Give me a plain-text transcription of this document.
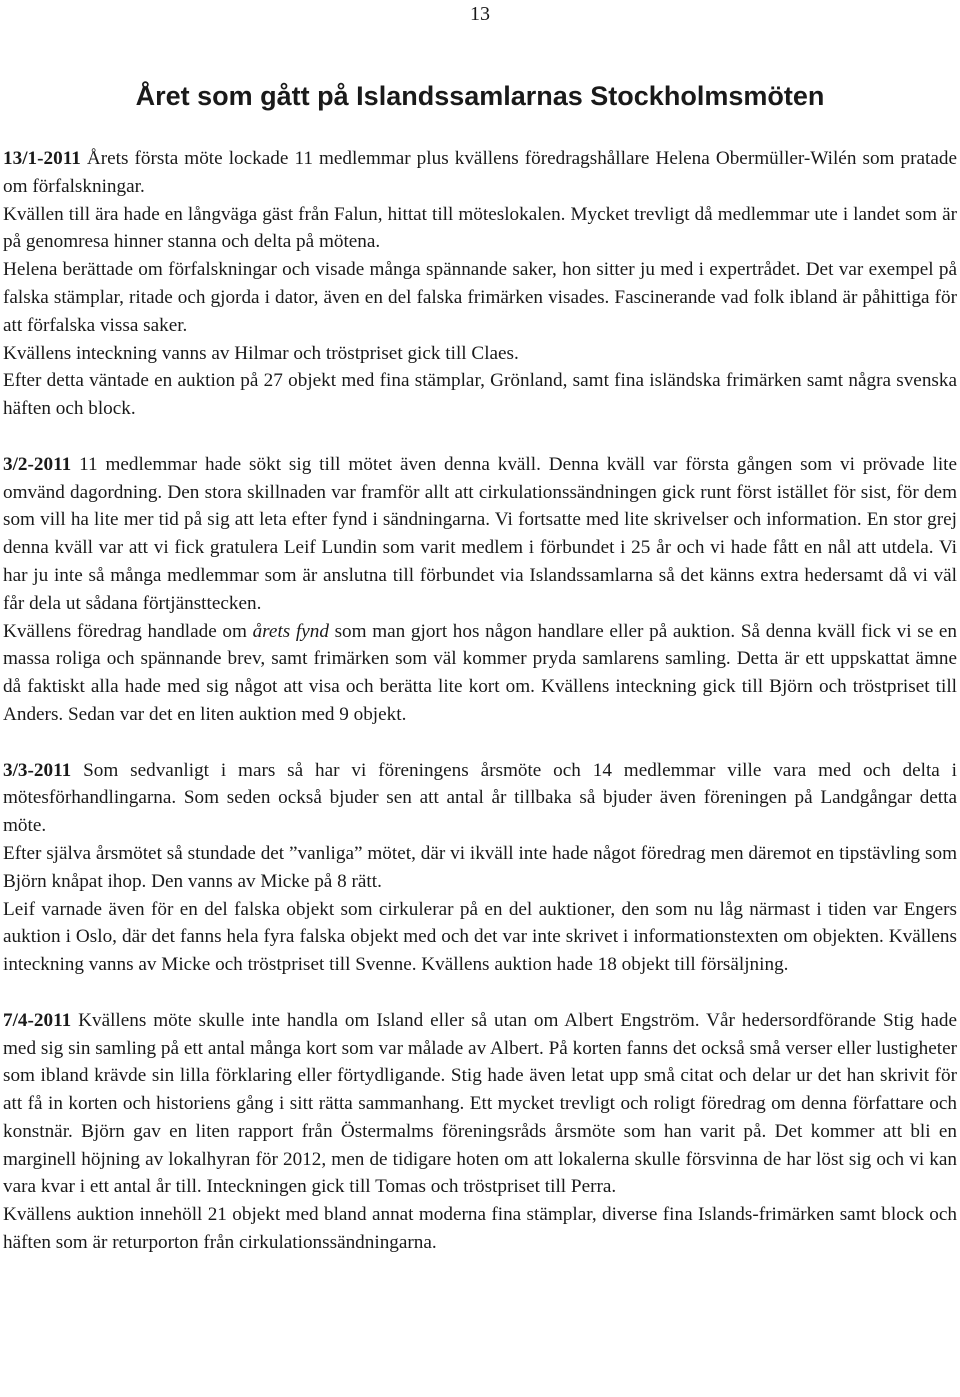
13
Året som gått på Islandssamlarnas Stockholmsmöten

13/1-2011 Årets första möte lockade 11 medlemmar plus kvällens föredragshållare Helena Obermüller-Wilén som pratade om förfalskningar.

Kvällen till ära hade en långväga gäst från Falun, hittat till möteslokalen. Mycket trevligt då medlemmar ute i landet som är på genomresa hinner stanna och delta på mötena.

Helena berättade om förfalskningar och visade många spännande saker, hon sitter ju med i expertrådet. Det var exempel på falska stämplar, ritade och gjorda i dator, även en del falska frimärken visades. Fascinerande vad folk ibland är påhittiga för att förfalska vissa saker.

Kvällens inteckning vanns av Hilmar och tröstpriset gick till Claes.

Efter detta väntade en auktion på 27 objekt med fina stämplar, Grönland, samt fina isländska frimärken samt några svenska häften och block.

3/2-2011 11 medlemmar hade sökt sig till mötet även denna kväll. Denna kväll var första gången som vi prövade lite omvänd dagordning. Den stora skillnaden var framför allt att cirkulationssändningen gick runt först istället för sist, för dem som vill ha lite mer tid på sig att leta efter fynd i sändningarna. Vi fortsatte med lite skrivelser och information. En stor grej denna kväll var att vi fick gratulera Leif Lundin som varit medlem i förbundet i 25 år och vi hade fått en nål att utdela. Vi har ju inte så många medlemmar som är anslutna till förbundet via Islandssamlarna så det känns extra hedersamt då vi väl får dela ut sådana förtjänsttecken.

Kvällens föredrag handlade om årets fynd som man gjort hos någon handlare eller på auktion. Så denna kväll fick vi se en massa roliga och spännande brev, samt frimärken som väl kommer pryda samlarens samling. Detta är ett uppskattat ämne då faktiskt alla hade med sig något att visa och berätta lite kort om. Kvällens inteckning gick till Björn och tröstpriset till Anders. Sedan var det en liten auktion med 9 objekt.

3/3-2011 Som sedvanligt i mars så har vi föreningens årsmöte och 14 medlemmar ville vara med och delta i mötesförhandlingarna. Som seden också bjuder sen att antal år tillbaka så bjuder även föreningen på Landgångar detta möte.

Efter själva årsmötet så stundade det ”vanliga” mötet, där vi ikväll inte hade något föredrag men däremot en tipstävling som Björn knåpat ihop. Den vanns av Micke på 8 rätt.

Leif varnade även för en del falska objekt som cirkulerar på en del auktioner, den som nu låg närmast i tiden var Engers auktion i Oslo, där det fanns hela fyra falska objekt med och det var inte skrivet i informationstexten om objekten. Kvällens inteckning vanns av Micke och tröstpriset till Svenne. Kvällens auktion hade 18 objekt till försäljning.

7/4-2011 Kvällens möte skulle inte handla om Island eller så utan om Albert Engström. Vår hedersordförande Stig hade med sig sin samling på ett antal många kort som var målade av Albert. På korten fanns det också små verser eller lustigheter som ibland krävde sin lilla förklaring eller förtydligande. Stig hade även letat upp små citat och delar ur det han skrivit för att få in korten och historiens gång i sitt rätta sammanhang. Ett mycket trevligt och roligt föredrag om denna författare och konstnär. Björn gav en liten rapport från Östermalms föreningsråds årsmöte som han varit på. Det kommer att bli en marginell höjning av lokalhyran för 2012, men de tidigare hoten om att lokalerna skulle försvinna de har löst sig och vi kan vara kvar i ett antal år till. Inteckningen gick till Tomas och tröstpriset till Perra.

Kvällens auktion innehöll 21 objekt med bland annat moderna fina stämplar, diverse fina Islands-frimärken samt block och häften som är returporton från cirkulationssändningarna.
